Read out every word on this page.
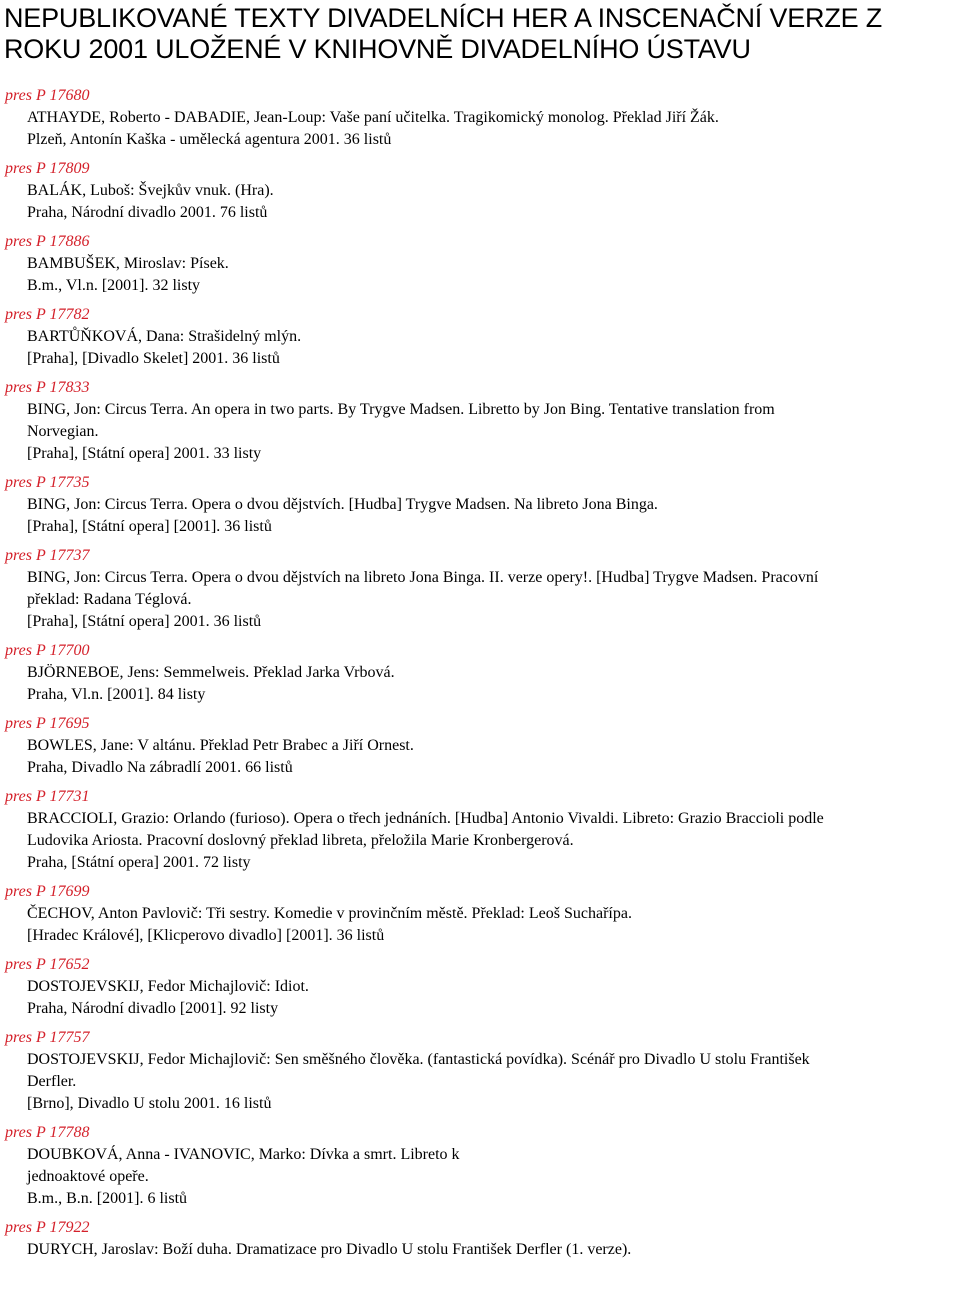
NEPUBLIKOVANÉ TEXTY DIVADELNÍCH HER A INSCENAČNÍ VERZE Z ROKU 2001 ULOŽENÉ V KNIHOVNĚ DIVADELNÍHO ÚSTAVU
pres P 17680
ATHAYDE, Roberto - DABADIE, Jean-Loup: Vaše paní učitelka. Tragikomický monolog. Překlad Jiří Žák.
Plzeň, Antonín Kaška - umělecká agentura 2001. 36 listů
pres P 17809
BALÁK, Luboš: Švejkův vnuk. (Hra).
Praha, Národní divadlo 2001. 76 listů
pres P 17886
BAMBUŠEK, Miroslav: Písek.
B.m., Vl.n. [2001]. 32 listy
pres P 17782
BARTŮŇKOVÁ, Dana: Strašidelný mlýn.
[Praha], [Divadlo Skelet] 2001. 36 listů
pres P 17833
BING, Jon: Circus Terra. An opera in two parts. By Trygve Madsen. Libretto by Jon Bing. Tentative translation from
Norvegian.
[Praha], [Státní opera] 2001. 33 listy
pres P 17735
BING, Jon: Circus Terra. Opera o dvou dějstvích. [Hudba] Trygve Madsen. Na libreto Jona Binga.
[Praha], [Státní opera] [2001]. 36 listů
pres P 17737
BING, Jon: Circus Terra. Opera o dvou dějstvích na libreto Jona Binga. II. verze opery!. [Hudba] Trygve Madsen. Pracovní
překlad: Radana Téglová.
[Praha], [Státní opera] 2001. 36 listů
pres P 17700
BJÖRNEBOE, Jens: Semmelweis. Překlad Jarka Vrbová.
Praha, Vl.n. [2001]. 84 listy
pres P 17695
BOWLES, Jane: V altánu. Překlad Petr Brabec a Jiří Ornest.
Praha, Divadlo Na zábradlí 2001. 66 listů
pres P 17731
BRACCIOLI, Grazio: Orlando (furioso). Opera o třech jednáních. [Hudba] Antonio Vivaldi. Libreto: Grazio Braccioli podle
Ludovika Ariosta. Pracovní doslovný překlad libreta, přeložila Marie Kronbergerová.
Praha, [Státní opera] 2001. 72 listy
pres P 17699
ČECHOV, Anton Pavlovič: Tři sestry. Komedie v provinčním městě. Překlad: Leoš Suchařípa.
[Hradec Králové], [Klicperovo divadlo] [2001]. 36 listů
pres P 17652
DOSTOJEVSKIJ, Fedor Michajlovič: Idiot.
Praha, Národní divadlo [2001]. 92 listy
pres P 17757
DOSTOJEVSKIJ, Fedor Michajlovič: Sen směšného člověka. (fantastická povídka). Scénář pro Divadlo U stolu František
Derfler.
[Brno], Divadlo U stolu 2001. 16 listů
pres P 17788
DOUBKOVÁ, Anna - IVANOVIC, Marko: Dívka a smrt. Libreto k
jednoaktové opeře.
B.m., B.n. [2001]. 6 listů
pres P 17922
DURYCH, Jaroslav: Boží duha. Dramatizace pro Divadlo U stolu František Derfler (1. verze).
